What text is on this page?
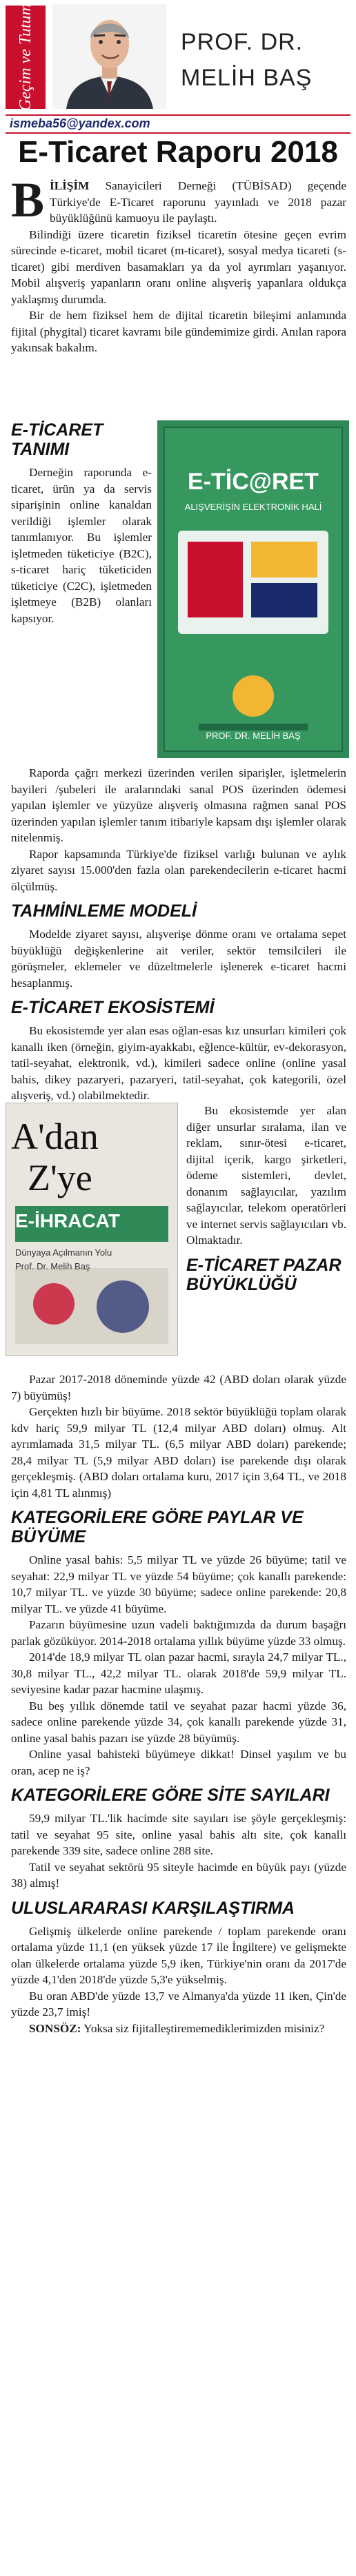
Geçim ve Tutum	PROF. DR.
MELİH BAŞ
ismeba56@yandex.com
E-Ticaret Raporu 2018

BİLİŞİM Sanayicileri Derneği (TÜBİSAD) geçende Türkiye'de E-Ticaret raporunu yayınladı ve 2018 pazar büyüklüğünü kamuoyu ile paylaştı.

Bilindiği üzere ticaretin fiziksel ticaretin ötesine geçen evrim sürecinde e-ticaret, mobil ticaret (m-ticaret), sosyal medya ticareti (s-ticaret) gibi merdiven basamakları ya da yol ayrımları yaşanıyor. Mobil alışveriş yapanların oranı online alışveriş yapanlara oldukça yaklaşmış durumda.

Bir de hem fiziksel hem de dijital ticaretin bileşimi anlamında fijital (phygital) ticaret kavramı bile gündemimize girdi. Anılan rapora yakınsak bakalım.

E-TİC@RET
ALIŞVERİŞİN ELEKTRONİK HALİ
PROF. DR. MELİH BAŞ
E-TİCARET TANIMI

Derneğin raporunda e-ticaret, ürün ya da servis siparişinin online kanaldan verildiği işlemler olarak tanımlanıyor. Bu işlemler işletmeden tüketiciye (B2C), s-ticaret hariç tüketiciden tüketiciye (C2C), işletmeden işletmeye (B2B) olanları kapsıyor.

Raporda çağrı merkezi üzerinden verilen siparişler, işletmelerin bayileri /şubeleri ile aralarındaki sanal POS üzerinden ödemesi yapılan işlemler ve yüzyüze alışveriş olmasına rağmen sanal POS üzerinden yapılan işlemler tanım itibariyle kapsam dışı işlemler olarak nitelenmiş.

Rapor kapsamında Türkiye'de fiziksel varlığı bulunan ve aylık ziyaret sayısı 15.000'den fazla olan parekendecilerin e-ticaret hacmi ölçülmüş.

TAHMİNLEME MODELİ

Modelde ziyaret sayısı, alışverişe dönme oranı ve ortalama sepet büyüklüğü değişkenlerine ait veriler, sektör temsilcileri ile görüşmeler, eklemeler ve düzeltmelerle işlenerek e-ticaret hacmi hesaplanmış.

E-TİCARET EKOSİSTEMİ

Bu ekosistemde yer alan esas oğlan-esas kız unsurları kimileri çok kanallı iken (örneğin, giyim-ayakkabı, eğlence-kültür, ev-dekorasyon, tatil-seyahat, elektronik, vd.), kimileri sadece online (online yasal bahis, dikey pazaryeri, pazaryeri, tatil-seyahat, çok kategorili, özel alışveriş, vd.) olabilmektedir.

A'dan
Z'ye
E-İHRACAT
Dünyaya Açılmanın Yolu
Prof. Dr. Melih Baş

Bu ekosistemde yer alan diğer unsurlar sıralama, ilan ve reklam, sınır-ötesi e-ticaret, dijital içerik, kargo şirketleri, ödeme sistemleri, devlet, donanım sağlayıcılar, yazılım sağlayıcılar, telekom operatörleri ve internet servis sağlayıcıları vb. Olmaktadır.

E-TİCARET PAZAR BÜYÜKLÜĞÜ

Pazar 2017-2018 döneminde yüzde 42 (ABD doları olarak yüzde 7) büyümüş!

Gerçekten hızlı bir büyüme. 2018 sektör büyüklüğü toplam olarak kdv hariç 59,9 milyar TL (12,4 milyar ABD doları) olmuş. Alt ayrımlamada 31,5 milyar TL. (6,5 milyar ABD doları) parekende; 28,4 milyar TL (5,9 milyar ABD doları) ise parekende dışı olarak gerçekleşmiş. (ABD doları ortalama kuru, 2017 için 3,64 TL, ve 2018 için 4,81 TL alınmış)

KATEGORİLERE GÖRE PAYLAR VE BÜYÜME

Online yasal bahis: 5,5 milyar TL ve yüzde 26 büyüme; tatil ve seyahat: 22,9 milyar TL ve yüzde 54 büyüme; çok kanallı parekende: 10,7 milyar TL. ve yüzde 30 büyüme; sadece online parekende: 20,8 milyar TL. ve yüzde 41 büyüme.

Pazarın büyümesine uzun vadeli baktığımızda da durum başağrı parlak gözüküyor. 2014-2018 ortalama yıllık büyüme yüzde 33 olmuş.

2014'de 18,9 milyar TL olan pazar hacmi, sırayla 24,7 milyar TL., 30,8 milyar TL., 42,2 milyar TL. olarak 2018'de 59,9 milyar TL. seviyesine kadar pazar hacmine ulaşmış.

Bu beş yıllık dönemde tatil ve seyahat pazar hacmi yüzde 36, sadece online parekende yüzde 34, çok kanallı parekende yüzde 31, online yasal bahis pazarı ise yüzde 28 büyümüş.

Online yasal bahisteki büyümeye dikkat! Dinsel yaşılım ve bu oran, acep ne iş?

KATEGORİLERE GÖRE SİTE SAYILARI

59,9 milyar TL.'lik hacimde site sayıları ise şöyle gerçekleşmiş: tatil ve seyahat 95 site, online yasal bahis altı site, çok kanallı parekende 339 site, sadece online 288 site.

Tatil ve seyahat sektörü 95 siteyle hacimde en büyük payı (yüzde 38) almış!

ULUSLARARASI KARŞILAŞTIRMA

Gelişmiş ülkelerde online parekende / toplam parekende oranı ortalama yüzde 11,1 (en yüksek yüzde 17 ile İngiltere) ve gelişmekte olan ülkelerde ortalama yüzde 5,9 iken, Türkiye'nin oranı da 2017'de yüzde 4,1'den 2018'de yüzde 5,3'e yükselmiş.

Bu oran ABD'de yüzde 13,7 ve Almanya'da yüzde 11 iken, Çin'de yüzde 23,7 imiş!

SONSÖZ: Yoksa siz fijitalleştirememediklerimizden misiniz?
